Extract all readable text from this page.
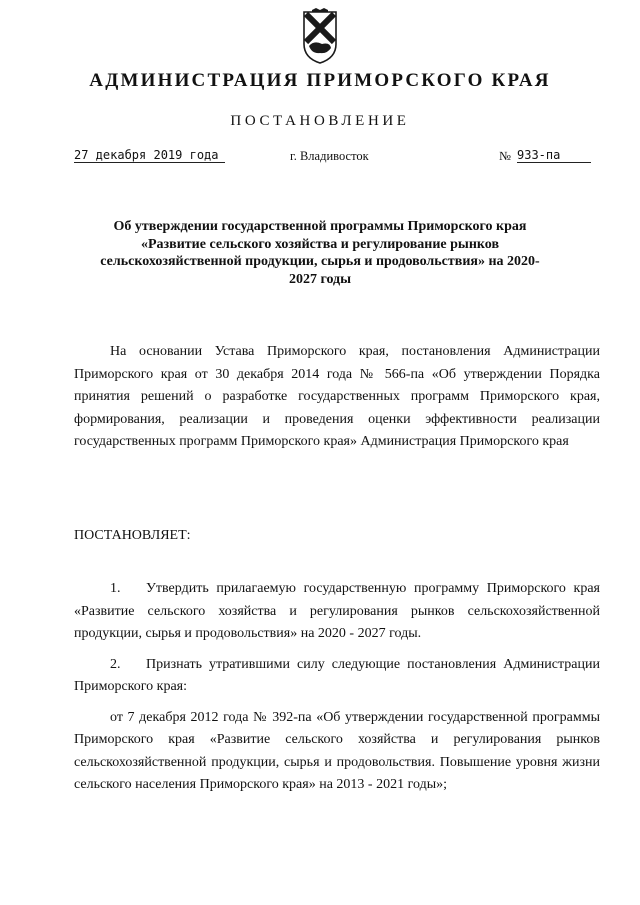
АДМИНИСТРАЦИЯ ПРИМОРСКОГО КРАЯ
ПОСТАНОВЛЕНИЕ
27 декабря 2019 года	г. Владивосток	№ 933-па
Об утверждении государственной программы Приморского края «Развитие сельского хозяйства и регулирование рынков сельскохозяйственной продукции, сырья и продовольствия» на 2020-2027 годы

На основании Устава Приморского края, постановления Администрации Приморского края от 30 декабря 2014 года № 566-па «Об утверждении Порядка принятия решений о разработке государственных программ Приморского края, формирования, реализации и проведения оценки эффективности реализации государственных программ Приморского края» Администрация Приморского края

ПОСТАНОВЛЯЕТ:

1. Утвердить прилагаемую государственную программу Приморского края «Развитие сельского хозяйства и регулирования рынков сельскохозяйственной продукции, сырья и продовольствия» на 2020 - 2027 годы.

2. Признать утратившими силу следующие постановления Администрации Приморского края:

от 7 декабря 2012 года № 392-па «Об утверждении государственной программы Приморского края «Развитие сельского хозяйства и регулирования рынков сельскохозяйственной продукции, сырья и продовольствия. Повышение уровня жизни сельского населения Приморского края» на 2013 - 2021 годы»;
